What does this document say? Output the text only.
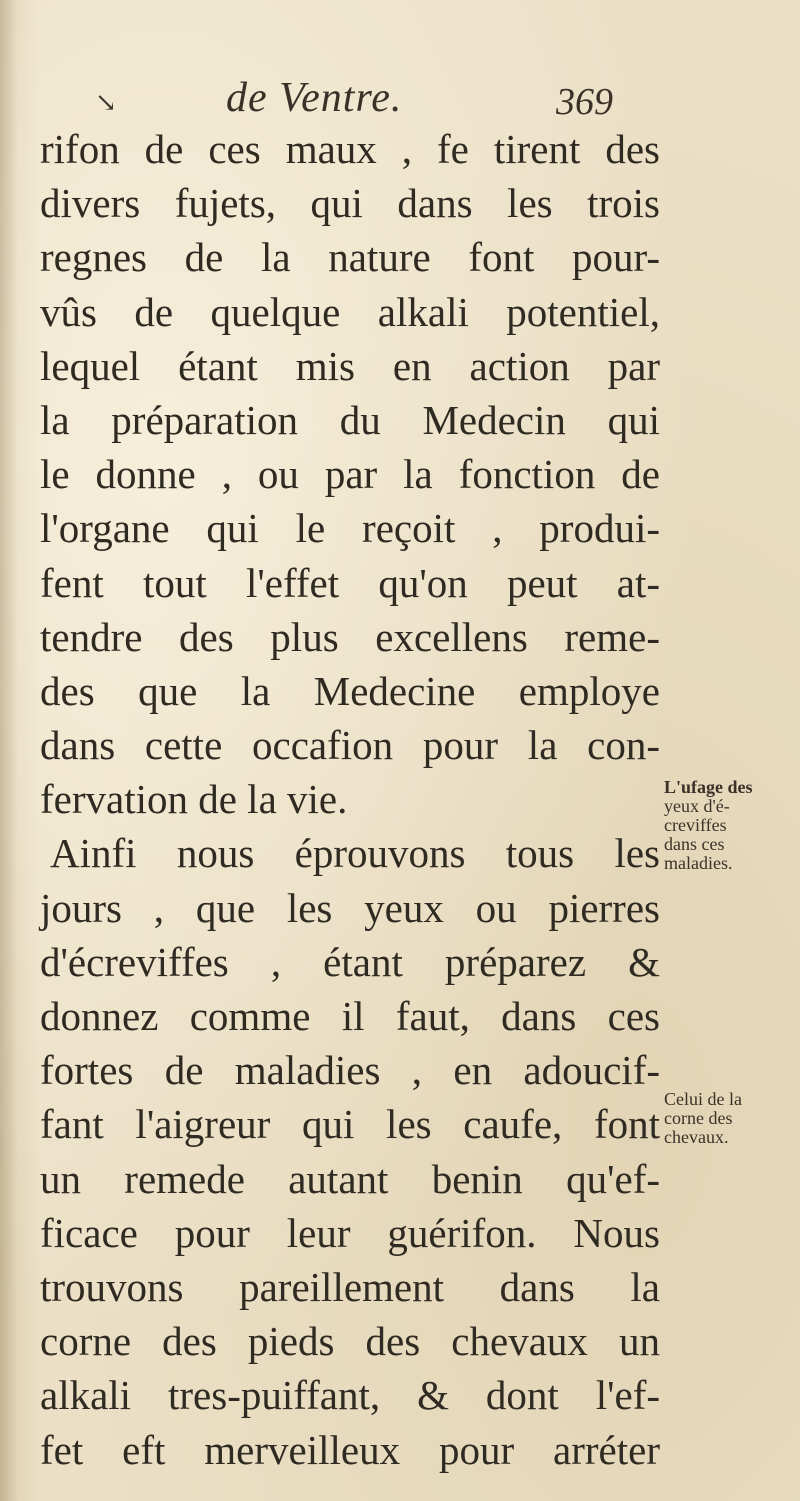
↘	de Ventre.	369
rifon de ces maux , fe tirent des
divers fujets, qui dans les trois
regnes de la nature font pour-
vûs de quelque alkali potentiel,
lequel étant mis en action par
la préparation du Medecin qui
le donne , ou par la fonction de
l'organe qui le reçoit , produi-
fent tout l'effet qu'on peut at-
tendre des plus excellens reme-
des que la Medecine employe
dans cette occafion pour la con-
fervation de la vie.
Ainfi nous éprouvons tous les
jours , que les yeux ou pierres
d'écreviffes , étant préparez &
donnez comme il faut, dans ces
fortes de maladies , en adoucif-
fant l'aigreur qui les caufe, font
un remede autant benin qu'ef-
ficace pour leur guérifon. Nous
trouvons pareillement dans la
corne des pieds des chevaux un
alkali tres-puiffant, & dont l'ef-
fet eft merveilleux pour arréter
L'ufage des
yeux d'é-
creviffes
dans ces
maladies.
Celui de la
corne des
chevaux.
